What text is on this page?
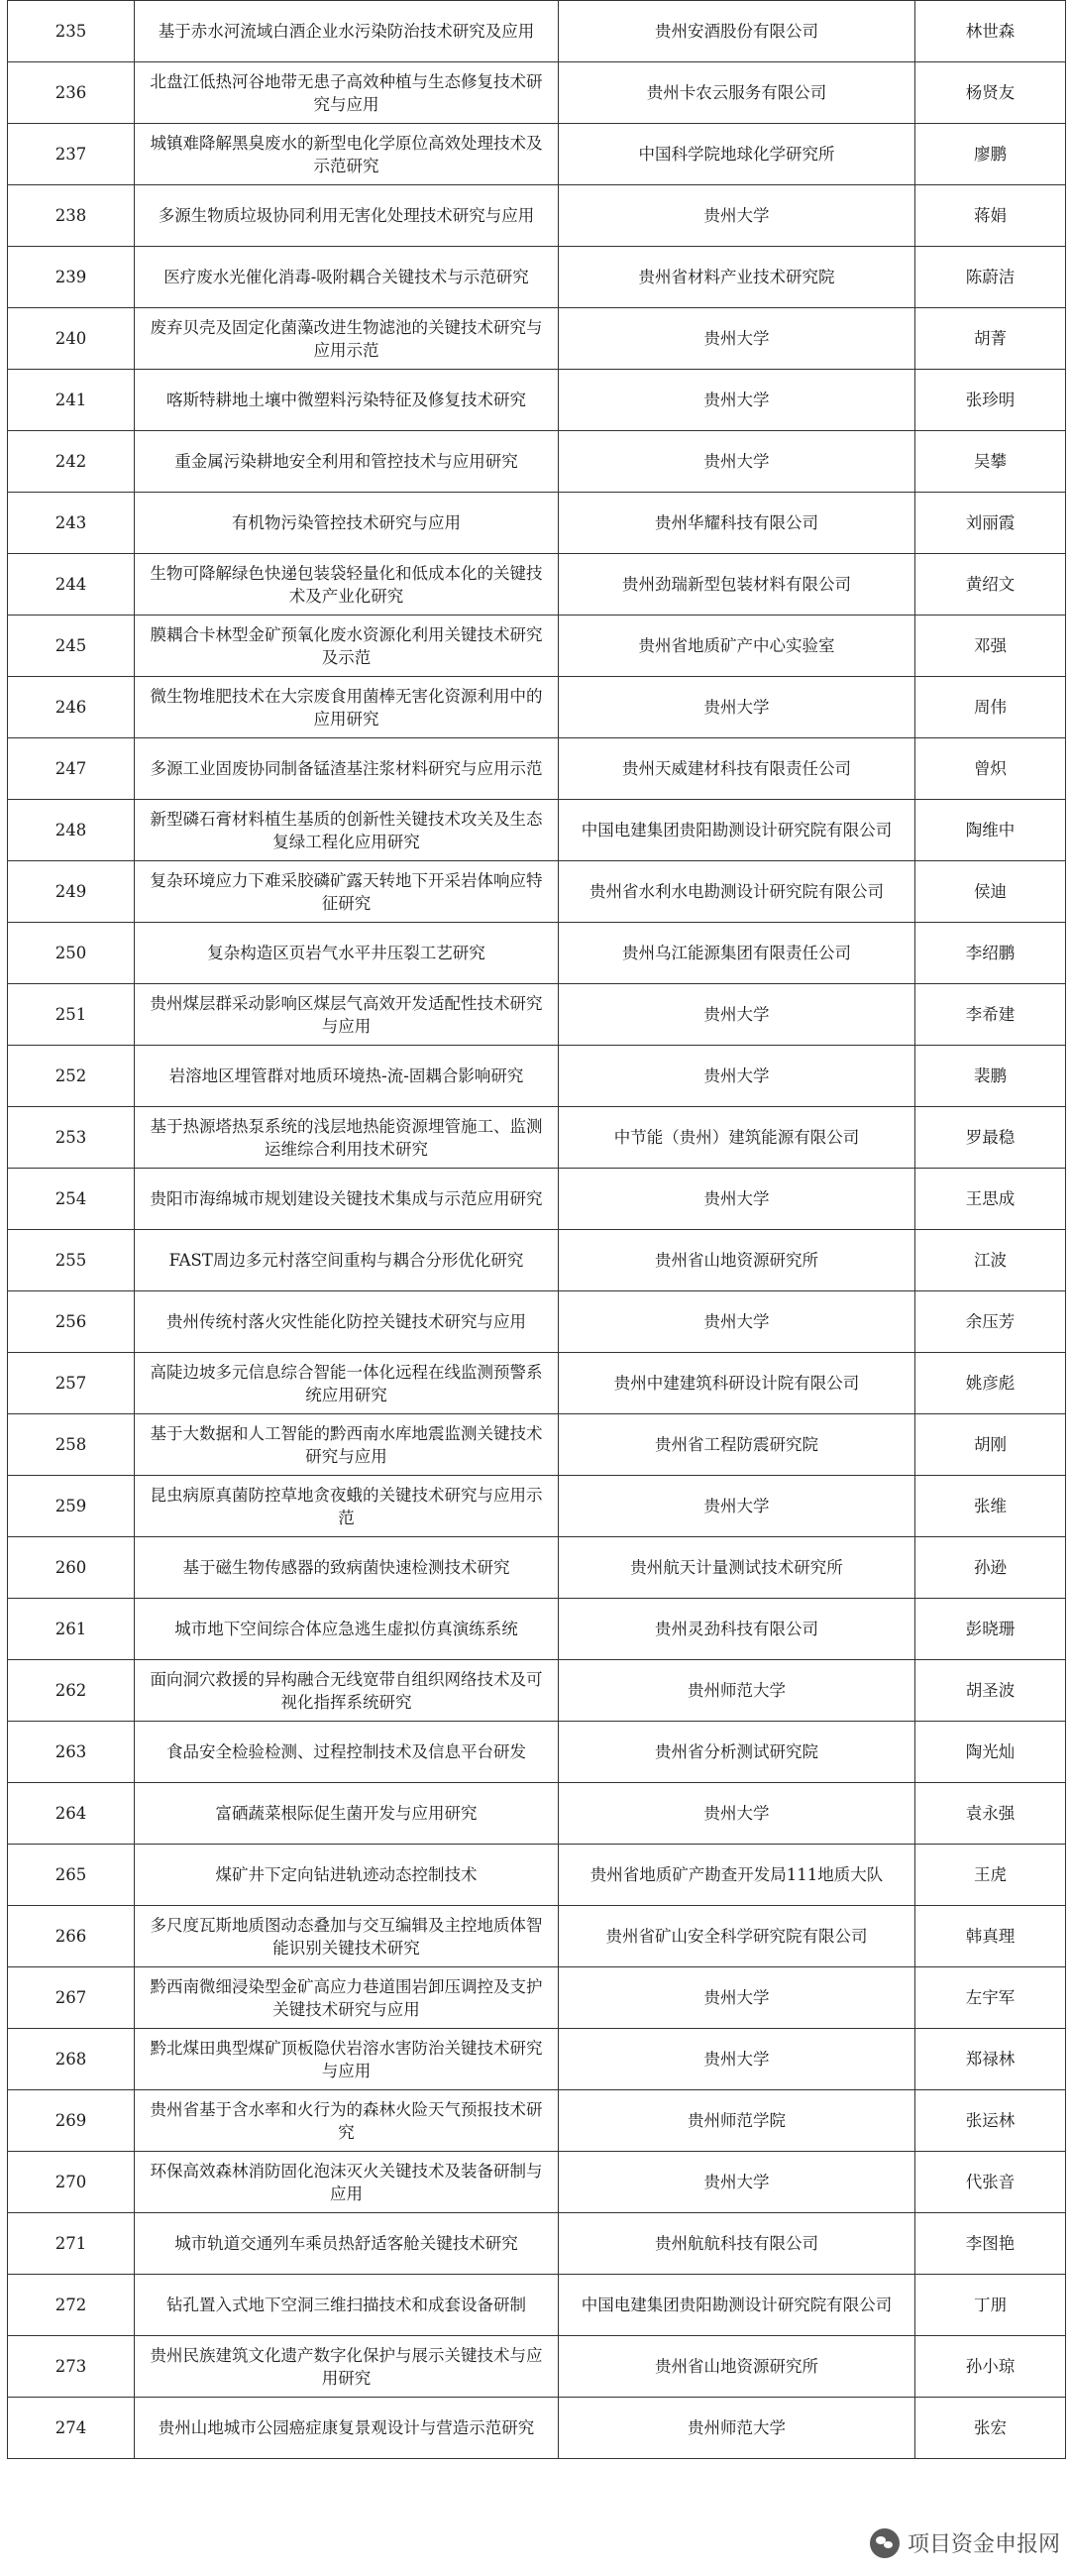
235	基于赤水河流域白酒企业水污染防治技术研究及应用	贵州安酒股份有限公司	林世森
236	北盘江低热河谷地带无患子高效种植与生态修复技术研究与应用	贵州卡农云服务有限公司	杨贤友
237	城镇难降解黑臭废水的新型电化学原位高效处理技术及示范研究	中国科学院地球化学研究所	廖鹏
238	多源生物质垃圾协同利用无害化处理技术研究与应用	贵州大学	蒋娟
239	医疗废水光催化消毒-吸附耦合关键技术与示范研究	贵州省材料产业技术研究院	陈蔚洁
240	废弃贝壳及固定化菌藻改进生物滤池的关键技术研究与应用示范	贵州大学	胡菁
241	喀斯特耕地土壤中微塑料污染特征及修复技术研究	贵州大学	张珍明
242	重金属污染耕地安全利用和管控技术与应用研究	贵州大学	吴攀
243	有机物污染管控技术研究与应用	贵州华耀科技有限公司	刘丽霞
244	生物可降解绿色快递包装袋轻量化和低成本化的关键技术及产业化研究	贵州劲瑞新型包装材料有限公司	黄绍文
245	膜耦合卡林型金矿预氧化废水资源化利用关键技术研究及示范	贵州省地质矿产中心实验室	邓强
246	微生物堆肥技术在大宗废食用菌棒无害化资源利用中的应用研究	贵州大学	周伟
247	多源工业固废协同制备锰渣基注浆材料研究与应用示范	贵州天威建材科技有限责任公司	曾炽
248	新型磷石膏材料植生基质的创新性关键技术攻关及生态复绿工程化应用研究	中国电建集团贵阳勘测设计研究院有限公司	陶维中
249	复杂环境应力下难采胶磷矿露天转地下开采岩体响应特征研究	贵州省水利水电勘测设计研究院有限公司	侯迪
250	复杂构造区页岩气水平井压裂工艺研究	贵州乌江能源集团有限责任公司	李绍鹏
251	贵州煤层群采动影响区煤层气高效开发适配性技术研究与应用	贵州大学	李希建
252	岩溶地区埋管群对地质环境热-流-固耦合影响研究	贵州大学	裴鹏
253	基于热源塔热泵系统的浅层地热能资源埋管施工、监测运维综合利用技术研究	中节能（贵州）建筑能源有限公司	罗最稳
254	贵阳市海绵城市规划建设关键技术集成与示范应用研究	贵州大学	王思成
255	FAST周边多元村落空间重构与耦合分形优化研究	贵州省山地资源研究所	江波
256	贵州传统村落火灾性能化防控关键技术研究与应用	贵州大学	余压芳
257	高陡边坡多元信息综合智能一体化远程在线监测预警系统应用研究	贵州中建建筑科研设计院有限公司	姚彦彪
258	基于大数据和人工智能的黔西南水库地震监测关键技术研究与应用	贵州省工程防震研究院	胡刚
259	昆虫病原真菌防控草地贪夜蛾的关键技术研究与应用示范	贵州大学	张维
260	基于磁生物传感器的致病菌快速检测技术研究	贵州航天计量测试技术研究所	孙逊
261	城市地下空间综合体应急逃生虚拟仿真演练系统	贵州灵劲科技有限公司	彭晓珊
262	面向洞穴救援的异构融合无线宽带自组织网络技术及可视化指挥系统研究	贵州师范大学	胡圣波
263	食品安全检验检测、过程控制技术及信息平台研发	贵州省分析测试研究院	陶光灿
264	富硒蔬菜根际促生菌开发与应用研究	贵州大学	袁永强
265	煤矿井下定向钻进轨迹动态控制技术	贵州省地质矿产勘查开发局111地质大队	王虎
266	多尺度瓦斯地质图动态叠加与交互编辑及主控地质体智能识别关键技术研究	贵州省矿山安全科学研究院有限公司	韩真理
267	黔西南微细浸染型金矿高应力巷道围岩卸压调控及支护关键技术研究与应用	贵州大学	左宇军
268	黔北煤田典型煤矿顶板隐伏岩溶水害防治关键技术研究与应用	贵州大学	郑禄林
269	贵州省基于含水率和火行为的森林火险天气预报技术研究	贵州师范学院	张运林
270	环保高效森林消防固化泡沫灭火关键技术及装备研制与应用	贵州大学	代张音
271	城市轨道交通列车乘员热舒适客舱关键技术研究	贵州航航科技有限公司	李图艳
272	钻孔置入式地下空洞三维扫描技术和成套设备研制	中国电建集团贵阳勘测设计研究院有限公司	丁朋
273	贵州民族建筑文化遗产数字化保护与展示关键技术与应用研究	贵州省山地资源研究所	孙小琼
274	贵州山地城市公园癌症康复景观设计与营造示范研究	贵州师范大学	张宏
项目资金申报网
